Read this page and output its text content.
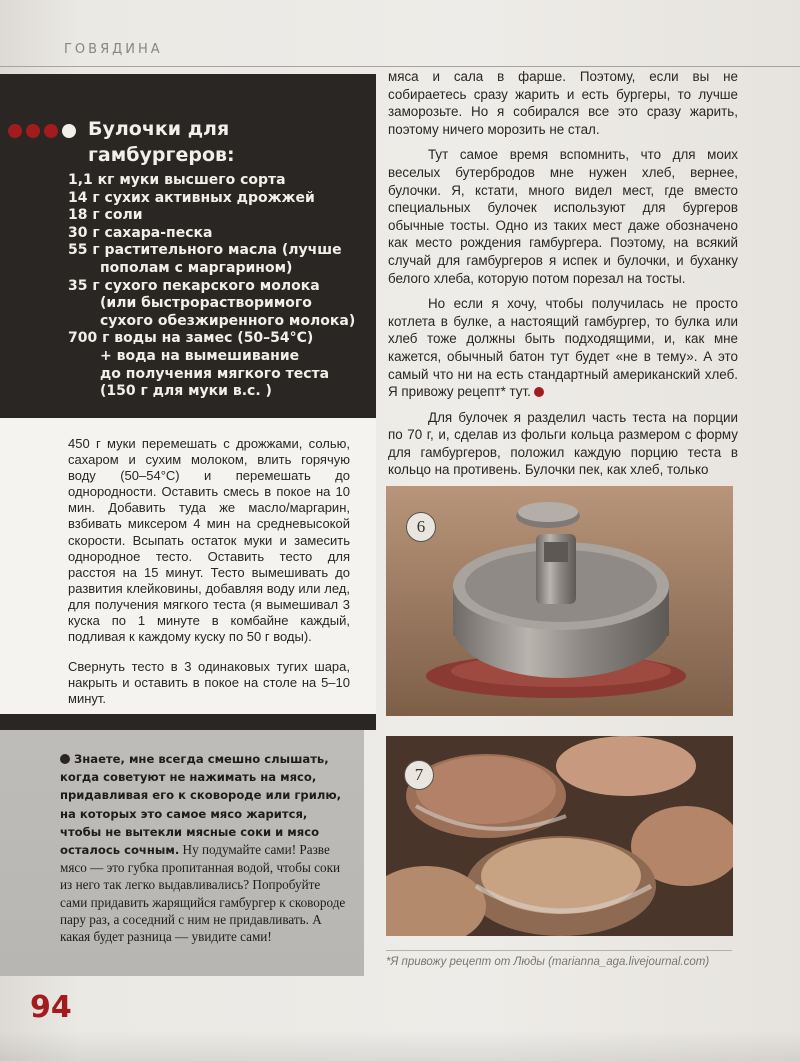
ГОВЯДИНА
Булочки для гамбургеров:

1,1 кг муки высшего сорта

14 г сухих активных дрожжей

18 г соли

30 г сахара-песка

55 г растительного масла (лучше
пополам с маргарином)

35 г сухого пекарского молока
(или быстрорастворимого
сухого обезжиренного молока)

700 г воды на замес (50–54°C)
+ вода на вымешивание
до получения мягкого теста
(150 г для муки в.с. )

450 г муки перемешать с дрожжами, солью, сахаром и сухим молоком, влить горячую воду (50–54°C) и перемешать до однородности. Оставить смесь в покое на 10 мин. Добавить туда же масло/маргарин, взбивать миксером 4 мин на средневысокой скорости. Всыпать остаток муки и замесить однородное тесто. Оставить тесто для расстоя на 15 минут. Тесто вымешивать до развития клейковины, добавляя воду или лед, для получения мягкого теста (я вымешивал 3 куска по 1 минуте в комбайне каждый, подливая к каждому куску по 50 г воды).

Свернуть тесто в 3 одинаковых тугих шара, накрыть и оставить в покое на столе на 5–10 минут.

Знаете, мне всегда смешно слышать, когда советуют не нажимать на мясо, придавливая его к сковороде или грилю, на которых это самое мясо жарится, чтобы не вытекли мясные соки и мясо осталось сочным. Ну подумайте сами! Разве мясо — это губка пропитанная водой, чтобы соки из него так легко выдавливались? Попробуйте сами придавить жарящийся гамбургер к сковороде пару раз, а соседний с ним не придавливать. А какая будет разница — увидите сами!

мяса и сала в фарше. Поэтому, если вы не собираетесь сразу жарить и есть бургеры, то лучше заморозьте. Но я собирался все это сразу жарить, поэтому ничего морозить не стал.

Тут самое время вспомнить, что для моих веселых бутербродов мне нужен хлеб, вернее, булочки. Я, кстати, много видел мест, где вместо специальных булочек используют для бургеров обычные тосты. Одно из таких мест даже обозначено как место рождения гамбургера. Поэтому, на всякий случай для гамбургеров я испек и булочки, и буханку белого хлеба, которую потом порезал на тосты.

Но если я хочу, чтобы получилась не просто котлета в булке, а настоящий гамбургер, то булка или хлеб тоже должны быть подходящими, и, как мне кажется, обычный батон тут будет «не в тему». А это самый что ни на есть стандартный американский хлеб. Я привожу рецепт* тут.

Для булочек я разделил часть теста на порции по 70 г, и, сделав из фольги кольца размером с форму для гамбургеров, положил каждую порцию теста в кольцо на противень. Булочки пек, как хлеб, только

6
7
*Я привожу рецепт от Люды (marianna_aga.livejournal.com)
94
